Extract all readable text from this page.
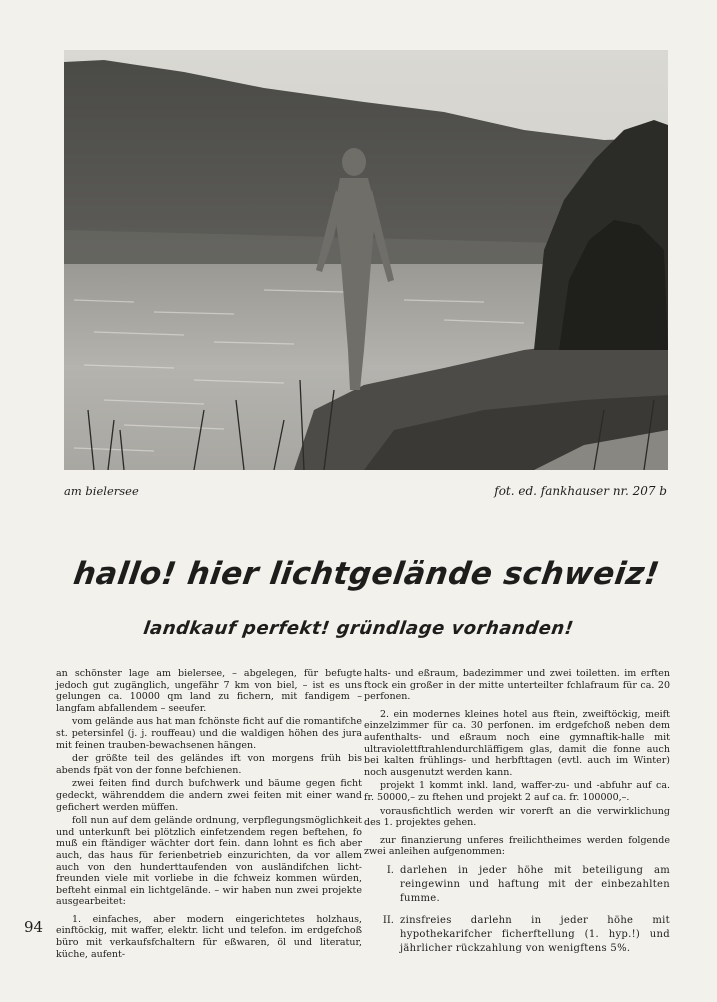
am bielersee	fot. ed. fankhauser nr. 207 b
hallo! hier lichtgelände schweiz!
landkauf perfekt! gründlage vorhanden!

an schönster lage am bielersee, – abgelegen, für befugte jedoch gut zugänglich, ungefähr 7 km von biel, – ist es uns gelungen ca. 10000 qm land zu fichern, mit fandigem – langfam abfallendem – seeufer.

vom gelände aus hat man fchönste ficht auf die romantifche st. petersinfel (j. j. rouffeau) und die waldigen höhen des jura mit feinen trauben-bewachsenen hängen.

der größte teil des geländes ift von morgens früh bis abends fpät von der fonne befchienen.

zwei feiten find durch bufchwerk und bäume gegen ficht gedeckt, währenddem die andern zwei feiten mit einer wand gefichert werden müffen.

foll nun auf dem gelände ordnung, verpflegungsmöglichkeit und unterkunft bei plötzlich einfetzendem regen beftehen, fo muß ein ftändiger wächter dort fein. dann lohnt es fich aber auch, das haus für ferienbetrieb einzurichten, da vor allem auch von den hunderttaufenden von ausländifchen licht-freunden viele mit vorliebe in die fchweiz kommen würden, befteht einmal ein lichtgelände. – wir haben nun zwei projekte ausgearbeitet:

1. einfaches, aber modern eingerichtetes holzhaus, einftöckig, mit waffer, elektr. licht und telefon. im erdgefchoß büro mit verkaufsfchaltern für eßwaren, öl und literatur, küche, aufent-

halts- und eßraum, badezimmer und zwei toiletten. im erften ftock ein großer in der mitte unterteilter fchlafraum für ca. 20 perfonen.

2. ein modernes kleines hotel aus ftein, zweiftöckig, meift einzelzimmer für ca. 30 perfonen. im erdgefchoß neben dem aufenthalts- und eßraum noch eine gymnaftik-halle mit ultraviolettftrahlendurchläffigem glas, damit die fonne auch bei kalten frühlings- und herbfttagen (evtl. auch im Winter) noch ausgenutzt werden kann.

projekt 1 kommt inkl. land, waffer-zu- und -abfuhr auf ca. fr. 50000,– zu ftehen und projekt 2 auf ca. fr. 100000,–.

vorausfichtlich werden wir vorerft an die verwirklichung des 1. projektes gehen.

zur finanzierung unferes freilichtheimes werden folgende zwei anleihen aufgenommen:

I. darlehen in jeder höhe mit beteiligung am reingewinn und haftung mit der einbezahlten fumme.
II. zinsfreies darlehn in jeder höhe mit hypothekarifcher ficherftellung (1. hyp.!) und jährlicher rückzahlung von wenigftens 5%.
94
